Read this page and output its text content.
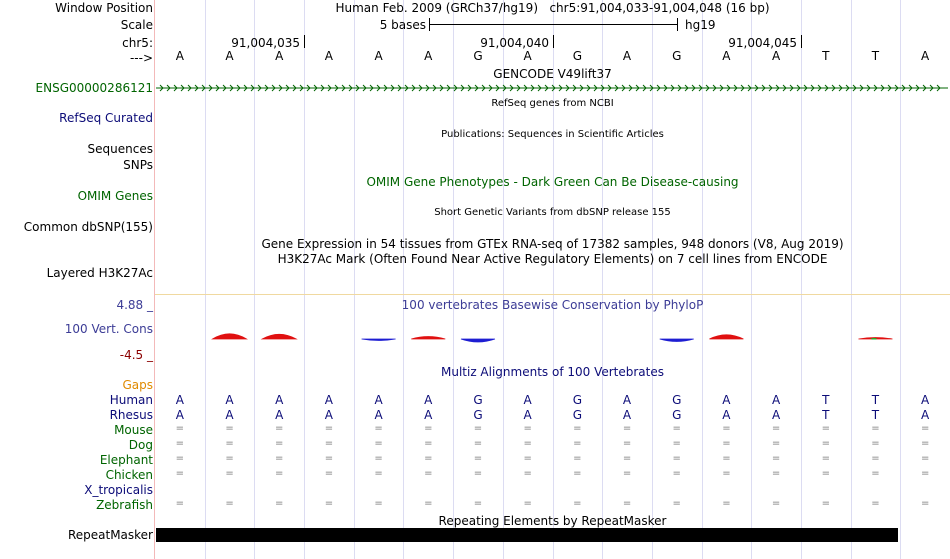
Window Position
Scale
chr5:
--->
Human Feb. 2009 (GRCh37/hg19)   chr5:91,004,033-91,004,048 (16 bp)
5 bases	hg19
91,004,035	91,004,040	91,004,045
A	A	A	A	A	A	G	A	G	A	G	A	A	T	T	A
GENCODE V49lift37
ENSG00000286121
RefSeq genes from NCBI
RefSeq Curated
Publications: Sequences in Scientific Articles
Sequences
SNPs
OMIM Gene Phenotypes - Dark Green Can Be Disease-causing
OMIM Genes
Short Genetic Variants from dbSNP release 155
Common dbSNP(155)
Gene Expression in 54 tissues from GTEx RNA-seq of 17382 samples, 948 donors (V8, Aug 2019)
H3K27Ac Mark (Often Found Near Active Regulatory Elements) on 7 cell lines from ENCODE
Layered H3K27Ac
100 vertebrates Basewise Conservation by PhyloP
4.88 _
100 Vert. Cons
-4.5 _
Multiz Alignments of 100 Vertebrates
Gaps
Human	A	A	A	A	A	A	G	A	G	A	G	A	A	T	T	A
Rhesus	A	A	A	A	A	A	G	A	G	A	G	A	A	T	T	A
Mouse	=	=	=	=	=	=	=	=	=	=	=	=	=	=	=	=
Dog	=	=	=	=	=	=	=	=	=	=	=	=	=	=	=	=
Elephant	=	=	=	=	=	=	=	=	=	=	=	=	=	=	=	=
Chicken	=	=	=	=	=	=	=	=	=	=	=	=	=	=	=	=
X_tropicalis
Zebrafish	=	=	=	=	=	=	=	=	=	=	=	=	=	=	=	=
Repeating Elements by RepeatMasker
RepeatMasker
